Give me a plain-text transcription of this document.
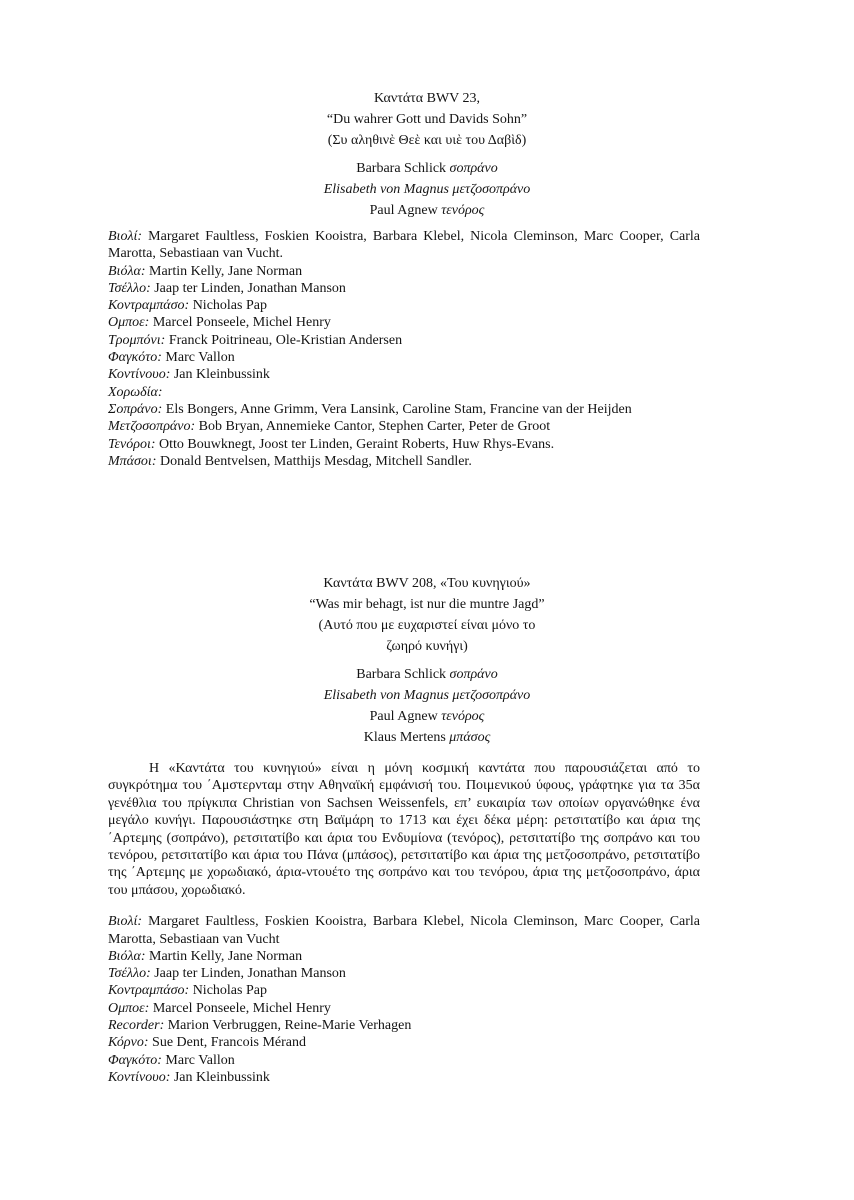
Καντάτα BWV 23,
“Du wahrer Gott und Davids Sohn”
(Συ αληθινὲ Θεὲ και υιὲ του Δαβὶδ)
Barbara Schlick σοπράνο
Elisabeth von Magnus μετζοσοπράνο
Paul Agnew τενόρος
Βιολί: Margaret Faultless, Foskien Kooistra, Barbara Klebel, Nicola Cleminson, Marc Cooper, Carla Marotta, Sebastiaan van Vucht.
Βιόλα: Martin Kelly, Jane Norman
Τσέλλο: Jaap ter Linden, Jonathan Manson
Κοντραμπάσο: Nicholas Pap
Ομποε: Marcel Ponseele, Michel Henry
Τρομπόνι: Franck Poitrineau, Ole-Kristian Andersen
Φαγκότο: Marc Vallon
Κοντίνουο: Jan Kleinbussink
Χορωδία:
Σοπράνο: Els Bongers, Anne Grimm, Vera Lansink, Caroline Stam, Francine van der Heijden
Μετζοσοπράνο: Bob Bryan, Annemieke Cantor, Stephen Carter, Peter de Groot
Τενόροι: Otto Bouwknegt, Joost ter Linden, Geraint Roberts, Huw Rhys-Evans.
Μπάσοι: Donald Bentvelsen, Matthijs Mesdag, Mitchell Sandler.
Καντάτα BWV 208, «Του κυνηγιού»
“Was mir behagt, ist nur die muntre Jagd”
(Αυτό που με ευχαριστεί είναι μόνο το
ζωηρό κυνήγι)
Barbara Schlick σοπράνο
Elisabeth von Magnus μετζοσοπράνο
Paul Agnew τενόρος
Klaus Mertens μπάσος

Η «Καντάτα του κυνηγιού» είναι η μόνη κοσμική καντάτα που παρουσιάζεται από το συγκρότημα του ΄Αμστερνταμ στην Αθηναϊκή εμφάνισή του. Ποιμενικού ύφους, γράφτηκε για τα 35α γενέθλια του πρίγκιπα Christian von Sachsen Weissenfels, επ’ ευκαιρία των οποίων οργανώθηκε ένα μεγάλο κυνήγι. Παρουσιάστηκε στη Βαϊμάρη το 1713 και έχει δέκα μέρη: ρετσιτατίβο και άρια της ΄Αρτεμης (σοπράνο), ρετσιτατίβο και άρια του Ενδυμίονα (τενόρος), ρετσιτατίβο της σοπράνο και του τενόρου, ρετσιτατίβο και άρια του Πάνα (μπάσος), ρετσιτατίβο και άρια της μετζοσοπράνο, ρετσιτατίβο της ΄Αρτεμης με χορωδιακό, άρια-ντουέτο της σοπράνο και του τενόρου, άρια της μετζοσοπράνο, άρια του μπάσου, χορωδιακό.

Βιολί: Margaret Faultless, Foskien Kooistra, Barbara Klebel, Nicola Cleminson, Marc Cooper, Carla Marotta, Sebastiaan van Vucht
Βιόλα: Martin Kelly, Jane Norman
Τσέλλο: Jaap ter Linden, Jonathan Manson
Κοντραμπάσο: Nicholas Pap
Ομποε: Marcel Ponseele, Michel Henry
Recorder: Marion Verbruggen, Reine-Marie Verhagen
Κόρνο: Sue Dent, Francois Mérand
Φαγκότο: Marc Vallon
Κοντίνουο: Jan Kleinbussink
